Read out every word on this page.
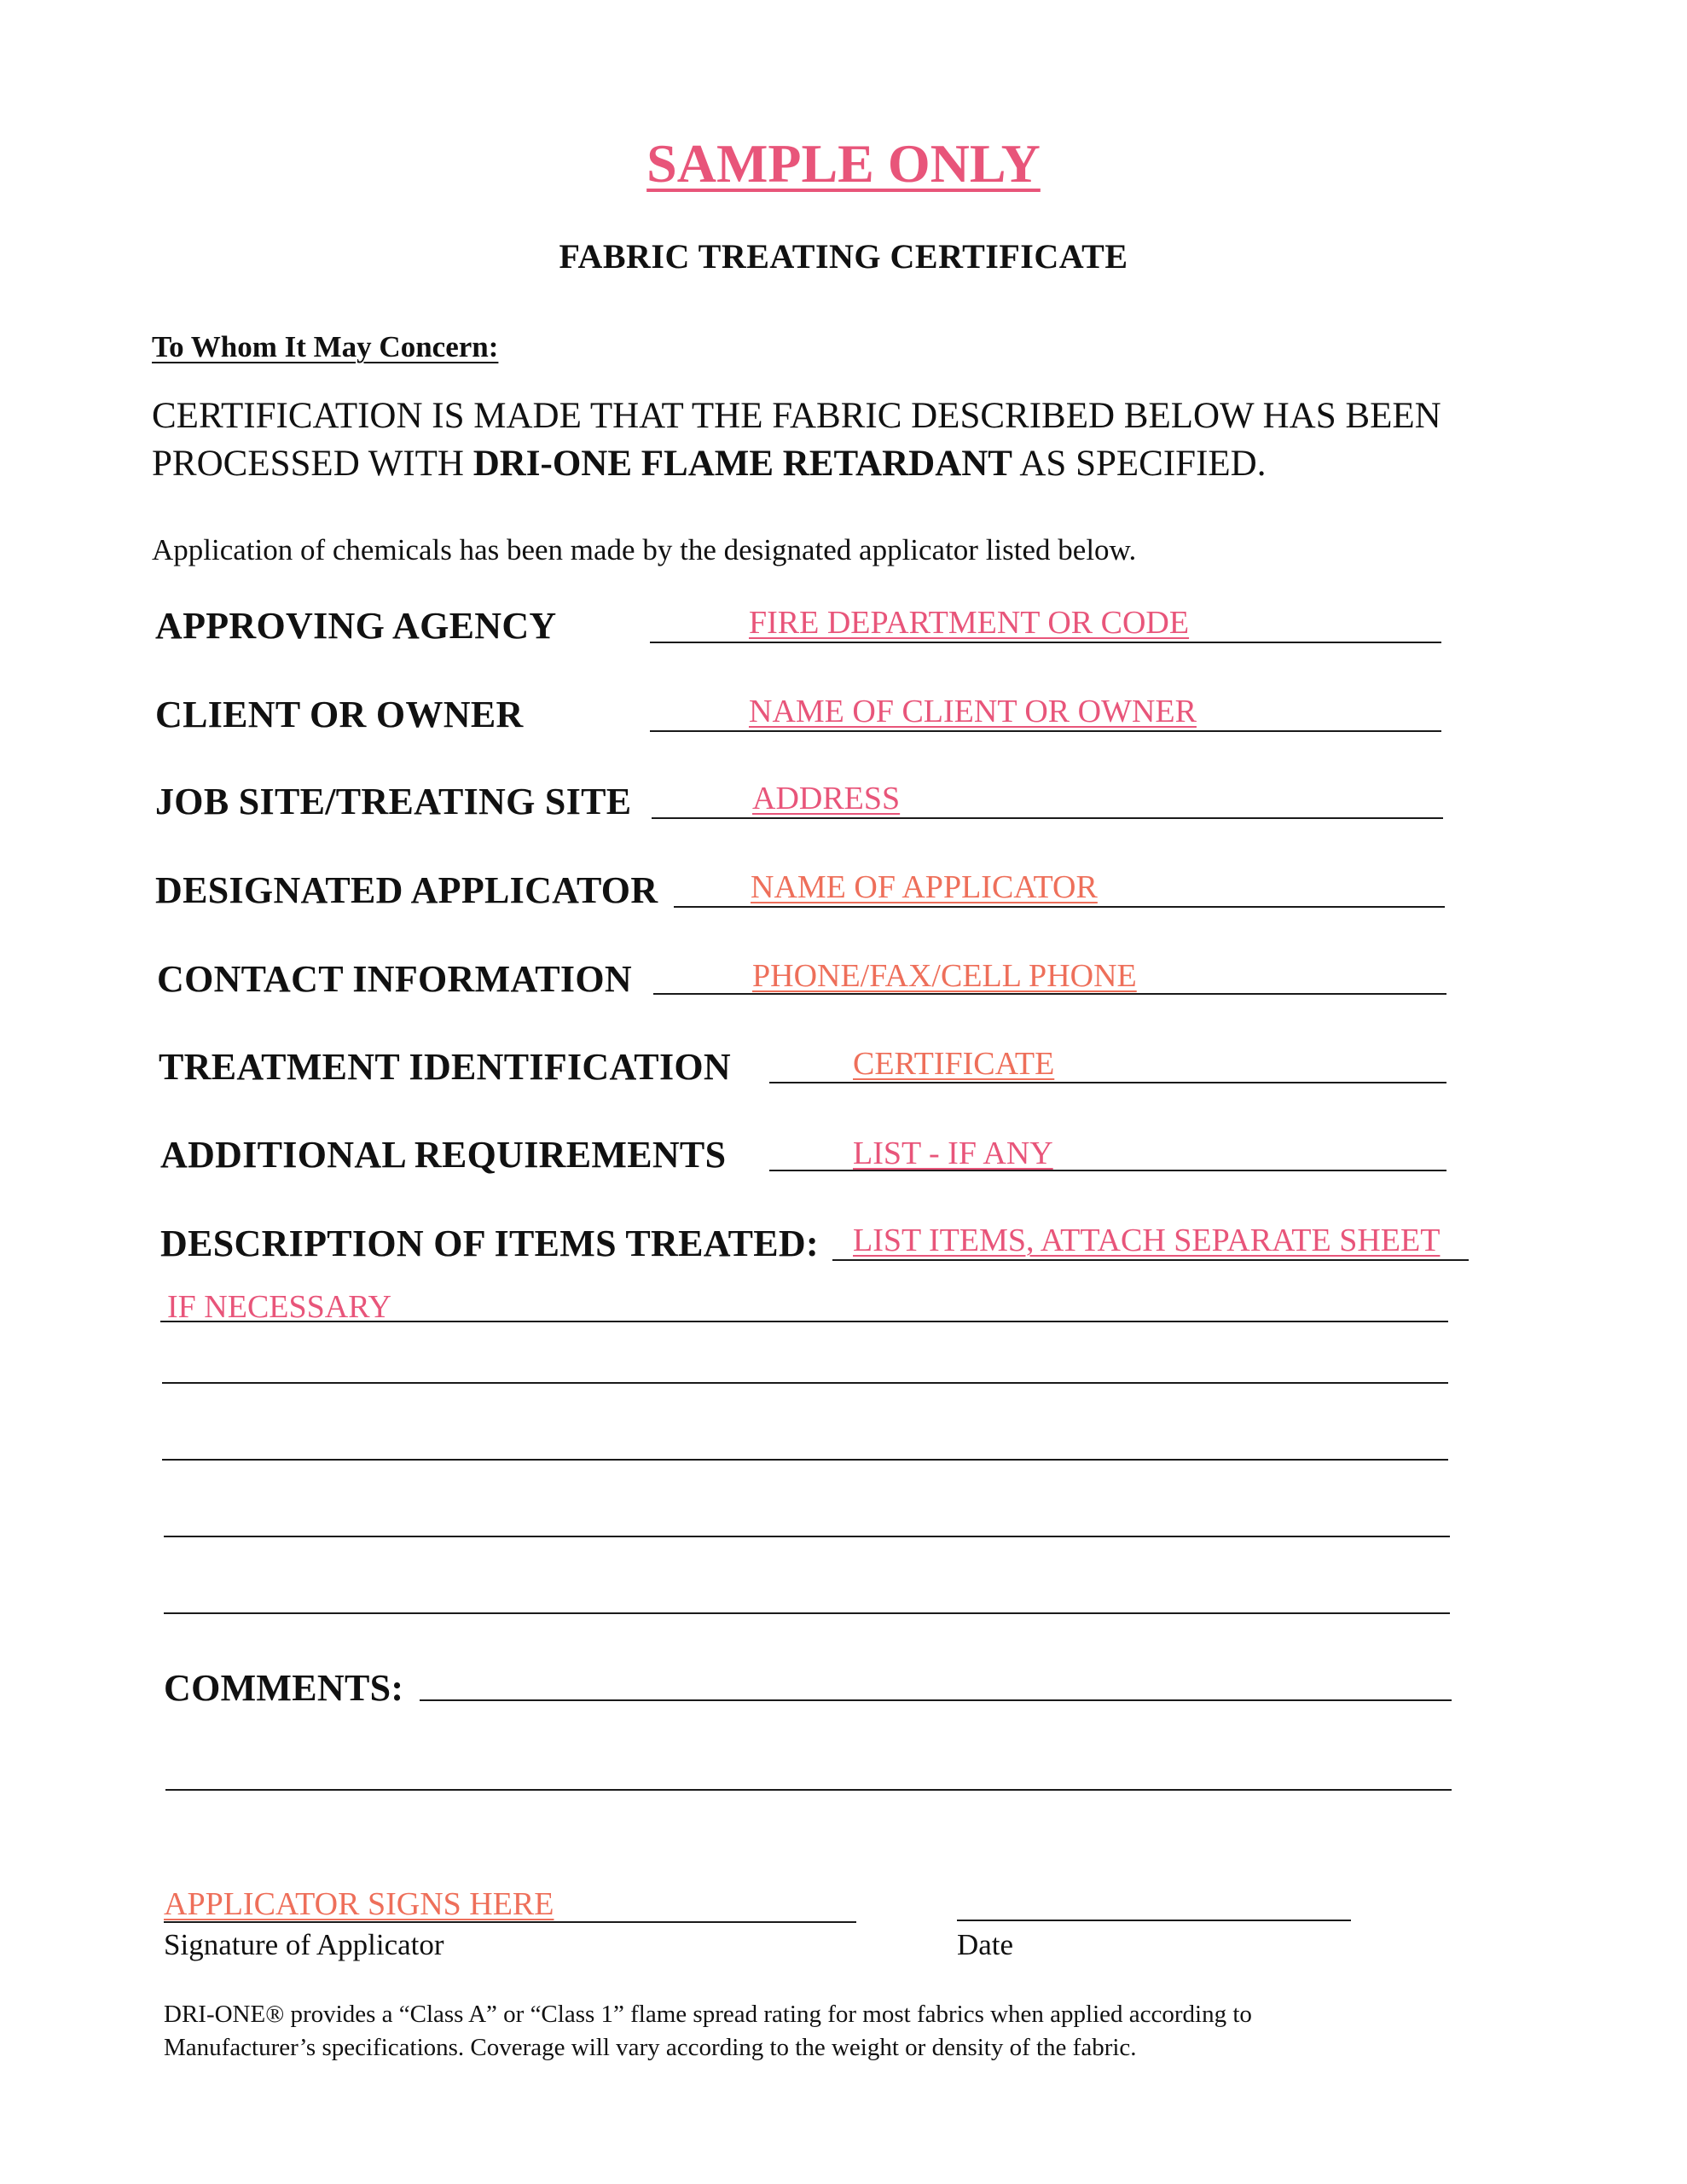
SAMPLE ONLY
FABRIC TREATING CERTIFICATE
To Whom It May Concern:
CERTIFICATION IS MADE THAT THE FABRIC DESCRIBED BELOW HAS BEEN
PROCESSED WITH DRI-ONE FLAME RETARDANT AS SPECIFIED.
Application of chemicals has been made by the designated applicator listed below.
APPROVING AGENCY	FIRE DEPARTMENT OR CODE
CLIENT OR OWNER	NAME OF CLIENT OR OWNER
JOB SITE/TREATING SITE	ADDRESS
DESIGNATED APPLICATOR	NAME OF APPLICATOR
CONTACT INFORMATION	PHONE/FAX/CELL PHONE
TREATMENT IDENTIFICATION	CERTIFICATE
ADDITIONAL REQUIREMENTS	LIST - IF ANY
DESCRIPTION OF ITEMS TREATED: LIST ITEMS, ATTACH SEPARATE SHEET
IF NECESSARY
COMMENTS:
APPLICATOR SIGNS HERE
Signature of Applicator	Date
DRI-ONE® provides a “Class A” or “Class 1” flame spread rating for most fabrics when applied according to
Manufacturer’s specifications. Coverage will vary according to the weight or density of the fabric.
